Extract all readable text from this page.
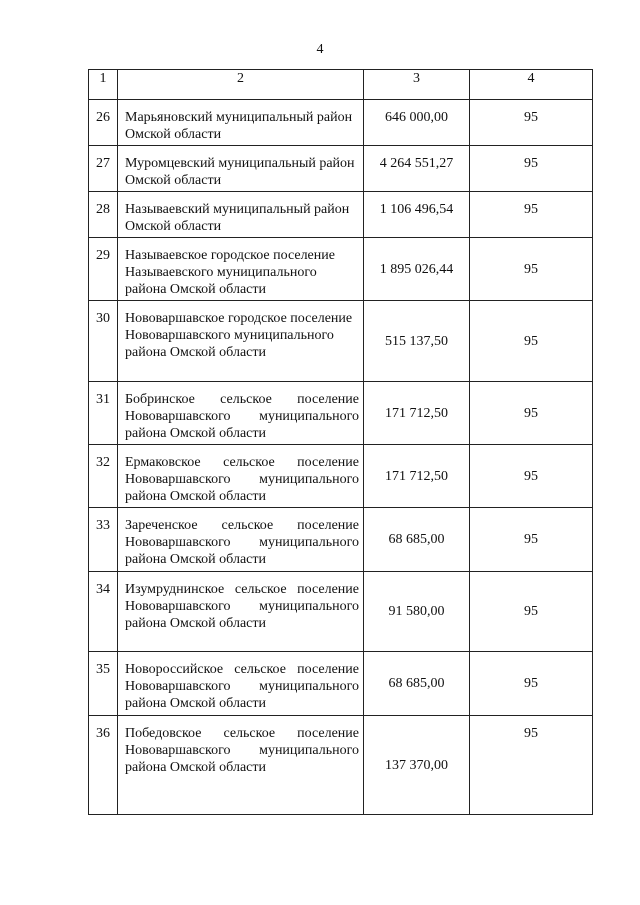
4
1	2	3	4
26	Марьяновский муниципальный район Омской области	646 000,00	95
27	Муромцевский муниципальный район Омской области	4 264 551,27	95
28	Называевский муниципальный район Омской области	1 106 496,54	95
29	Называевское городское поселение Называевского муниципального района Омской области	1 895 026,44	95
30	Нововаршавское городское поселение Нововаршавского муниципального района Омской области	515 137,50	95
31	Бобринское сельское поселение Нововаршавского муниципального района Омской области	171 712,50	95
32	Ермаковское сельское поселение Нововаршавского муниципального района Омской области	171 712,50	95
33	Зареченское сельское поселение Нововаршавского муниципального района Омской области	68 685,00	95
34	Изумруднинское сельское поселение Нововаршавского муниципального района Омской области	91 580,00	95
35	Новороссийское сельское поселение Нововаршавского муниципального района Омской области	68 685,00	95
36	Победовское сельское поселение Нововаршавского муниципального района Омской области	137 370,00	95
